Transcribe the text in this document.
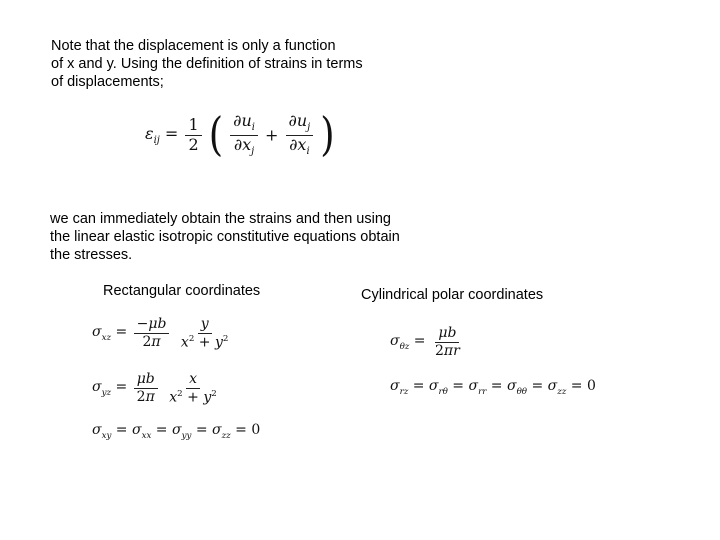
Note that the displacement is only a function
of x and y. Using the definition of strains in terms
of displacements;
$\varepsilon_{ij} = \frac{1}{2}$ ( $\frac{\partial u_i}{\partial x_j} + \frac{\partial u_j}{\partial x_i}$ )
we can immediately obtain the strains and then using
the linear elastic isotropic constitutive equations obtain
the stresses.
Rectangular coordinates	Cylindrical polar coordinates
$\sigma_{xz} = \frac{-\mu b}{2\pi}$
$\frac{y}{x^2 + y^2}$
$\sigma_{yz} = \frac{\mu b}{2\pi}$
$\frac{x}{x^2 + y^2}$
$\sigma_{xy} = \sigma_{xx} = \sigma_{yy} = \sigma_{zz} = 0$
$\sigma_{\theta z} = \frac{\mu b}{2\pi r}$
$\sigma_{rz} = \sigma_{r\theta} = \sigma_{rr} = \sigma_{\theta\theta} = \sigma_{zz} = 0$
